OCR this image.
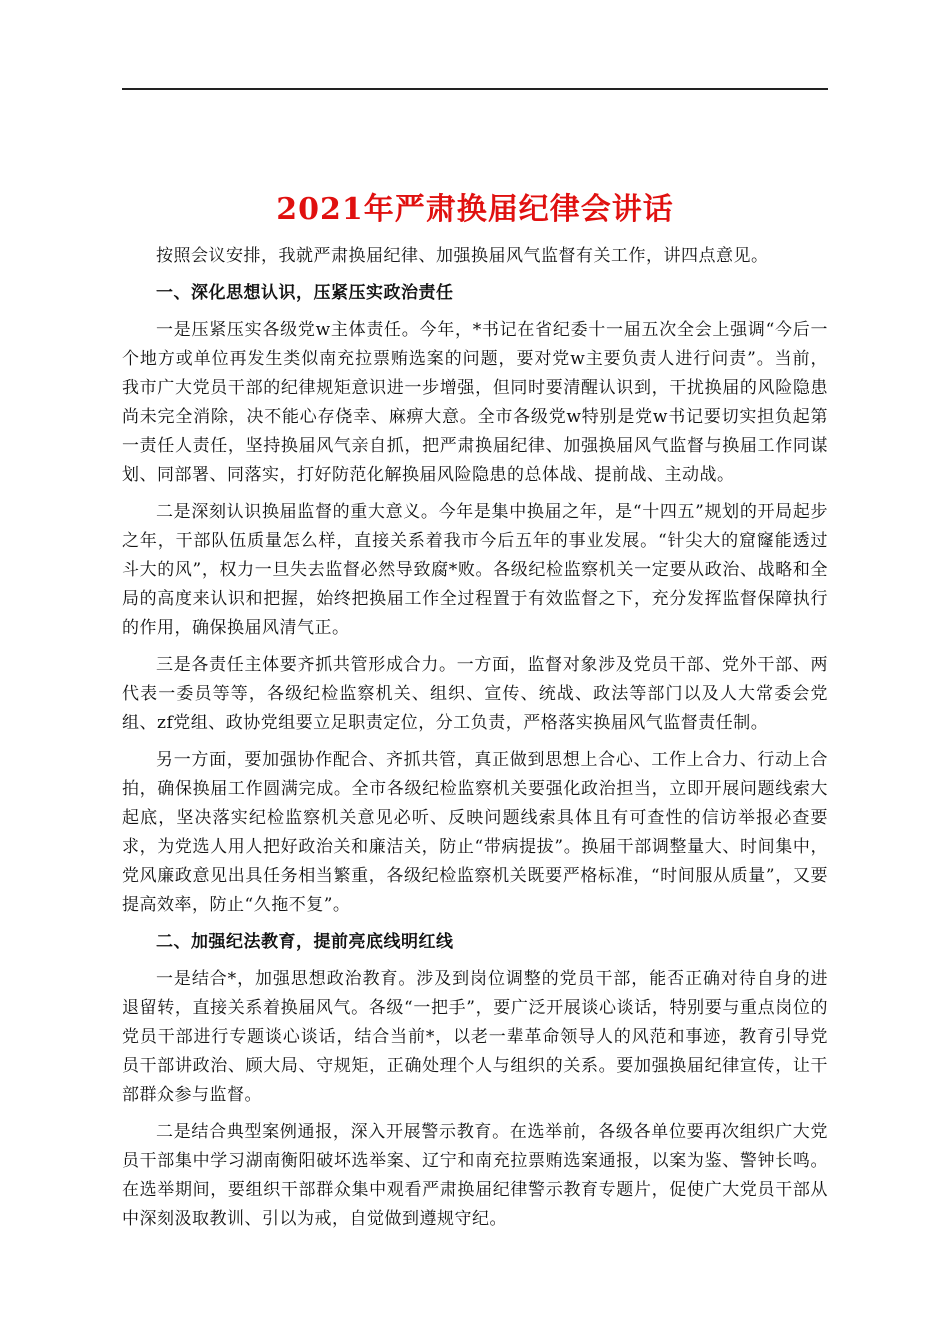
2021年严肃换届纪律会讲话

按照会议安排，我就严肃换届纪律、加强换届风气监督有关工作，讲四点意见。

一、深化思想认识，压紧压实政治责任

一是压紧压实各级党w主体责任。今年，*书记在省纪委十一届五次全会上强调“今后一个地方或单位再发生类似南充拉票贿选案的问题，要对党w主要负责人进行问责”。当前，我市广大党员干部的纪律规矩意识进一步增强，但同时要清醒认识到，干扰换届的风险隐患尚未完全消除，决不能心存侥幸、麻痹大意。全市各级党w特别是党w书记要切实担负起第一责任人责任，坚持换届风气亲自抓，把严肃换届纪律、加强换届风气监督与换届工作同谋划、同部署、同落实，打好防范化解换届风险隐患的总体战、提前战、主动战。

二是深刻认识换届监督的重大意义。今年是集中换届之年，是“十四五”规划的开局起步之年，干部队伍质量怎么样，直接关系着我市今后五年的事业发展。“针尖大的窟窿能透过斗大的风”，权力一旦失去监督必然导致腐*败。各级纪检监察机关一定要从政治、战略和全局的高度来认识和把握，始终把换届工作全过程置于有效监督之下，充分发挥监督保障执行的作用，确保换届风清气正。

三是各责任主体要齐抓共管形成合力。一方面，监督对象涉及党员干部、党外干部、两代表一委员等等，各级纪检监察机关、组织、宣传、统战、政法等部门以及人大常委会党组、zf党组、政协党组要立足职责定位，分工负责，严格落实换届风气监督责任制。

另一方面，要加强协作配合、齐抓共管，真正做到思想上合心、工作上合力、行动上合拍，确保换届工作圆满完成。全市各级纪检监察机关要强化政治担当，立即开展问题线索大起底，坚决落实纪检监察机关意见必听、反映问题线索具体且有可查性的信访举报必查要求，为党选人用人把好政治关和廉洁关，防止“带病提拔”。换届干部调整量大、时间集中，党风廉政意见出具任务相当繁重，各级纪检监察机关既要严格标准，“时间服从质量”，又要提高效率，防止“久拖不复”。

二、加强纪法教育，提前亮底线明红线

一是结合*，加强思想政治教育。涉及到岗位调整的党员干部，能否正确对待自身的进退留转，直接关系着换届风气。各级“一把手”，要广泛开展谈心谈话，特别要与重点岗位的党员干部进行专题谈心谈话，结合当前*，以老一辈革命领导人的风范和事迹，教育引导党员干部讲政治、顾大局、守规矩，正确处理个人与组织的关系。要加强换届纪律宣传，让干部群众参与监督。

二是结合典型案例通报，深入开展警示教育。在选举前，各级各单位要再次组织广大党员干部集中学习湖南衡阳破坏选举案、辽宁和南充拉票贿选案通报，以案为鉴、警钟长鸣。在选举期间，要组织干部群众集中观看严肃换届纪律警示教育专题片，促使广大党员干部从中深刻汲取教训、引以为戒，自觉做到遵规守纪。
